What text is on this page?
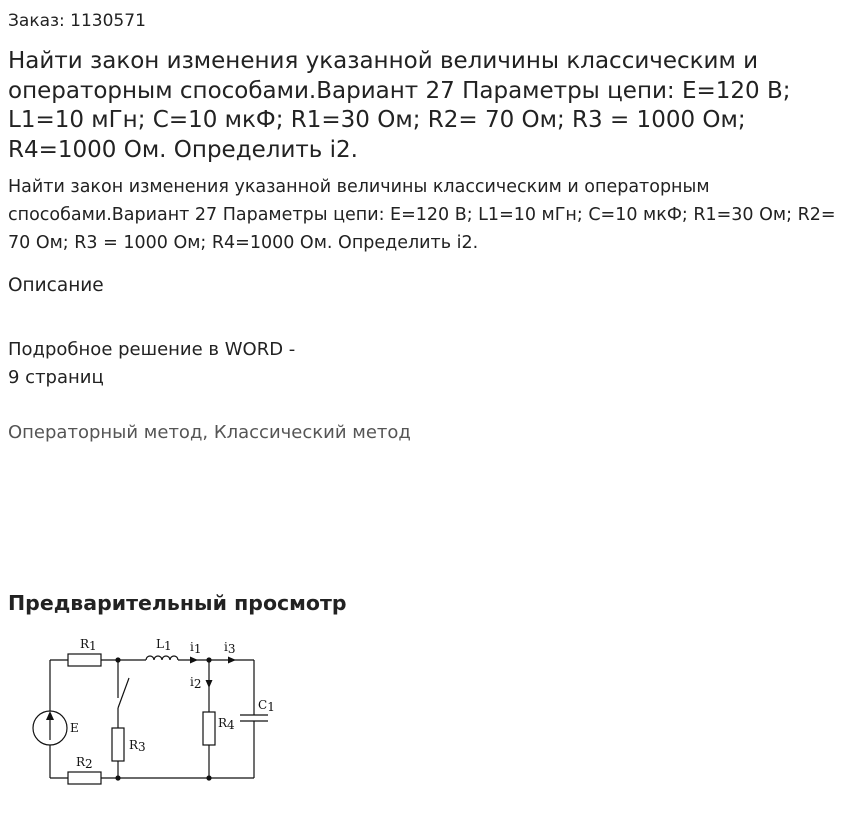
Заказ: 1130571
Найти закон изменения указанной величины классическим и операторным способами.Вариант 27 Параметры цепи: E=120 В; L1=10 мГн; C=10 мкФ; R1=30 Ом; R2= 70 Ом; R3 = 1000 Ом; R4=1000 Ом. Определить i2.

Найти закон изменения указанной величины классическим и операторным способами.Вариант 27 Параметры цепи: E=120 В; L1=10 мГн; C=10 мкФ; R1=30 Ом; R2= 70 Ом; R3 = 1000 Ом; R4=1000 Ом. Определить i2.

Описание
Подробное решение в WORD -
9 страниц
Операторный метод, Классический метод
Предварительный просмотр
R1	L1 i1 i3
i2
C1
E
R3
R4
R2
